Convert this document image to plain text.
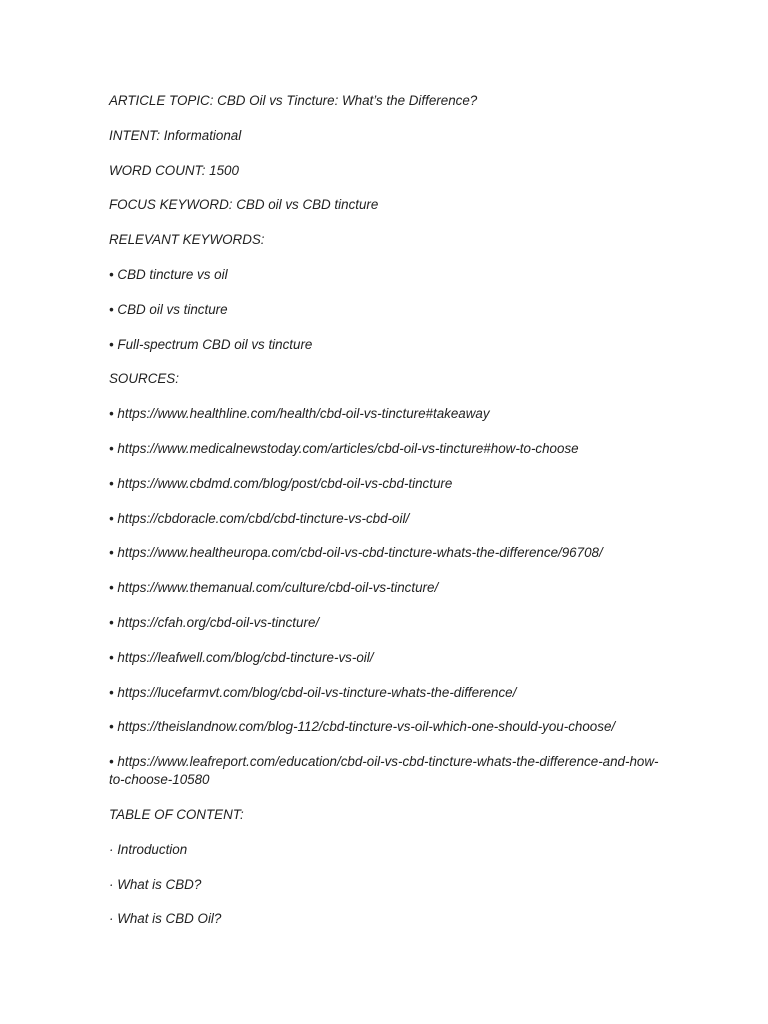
ARTICLE TOPIC: CBD Oil vs Tincture: What’s the Difference?

INTENT: Informational

WORD COUNT: 1500

FOCUS KEYWORD: CBD oil vs CBD tincture

RELEVANT KEYWORDS:

• CBD tincture vs oil

• CBD oil vs tincture

• Full-spectrum CBD oil vs tincture

SOURCES:

• https://www.healthline.com/health/cbd-oil-vs-tincture#takeaway

• https://www.medicalnewstoday.com/articles/cbd-oil-vs-tincture#how-to-choose

• https://www.cbdmd.com/blog/post/cbd-oil-vs-cbd-tincture

• https://cbdoracle.com/cbd/cbd-tincture-vs-cbd-oil/

• https://www.healtheuropa.com/cbd-oil-vs-cbd-tincture-whats-the-difference/96708/

• https://www.themanual.com/culture/cbd-oil-vs-tincture/

• https://cfah.org/cbd-oil-vs-tincture/

• https://leafwell.com/blog/cbd-tincture-vs-oil/

• https://lucefarmvt.com/blog/cbd-oil-vs-tincture-whats-the-difference/

• https://theislandnow.com/blog-112/cbd-tincture-vs-oil-which-one-should-you-choose/

• https://www.leafreport.com/education/cbd-oil-vs-cbd-tincture-whats-the-difference-and-how-to-choose-10580

TABLE OF CONTENT:

· Introduction

· What is CBD?

· What is CBD Oil?
